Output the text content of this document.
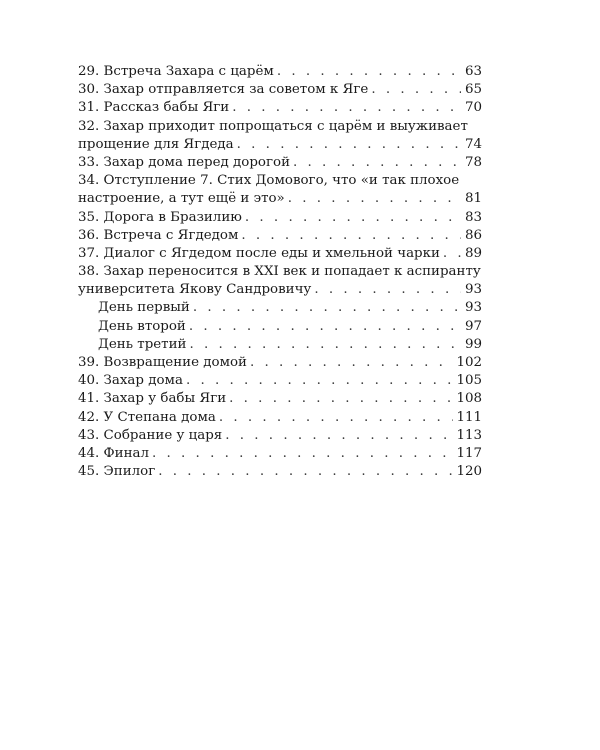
29. Встреча Захара с царём . . .	63
30. Захар отправляется за советом к Яге . . .	65
31. Рассказ бабы Яги . . .	70
32. Захар приходит попрощаться с царём и выуживает
прощение для Ягдеда . . .	74
33. Захар дома перед дорогой . . .	78
34. Отступление 7. Стих Домового, что «и так плохое
настроение, а тут ещё и это» . . .	81
35. Дорога в Бразилию . . .	83
36. Встреча с Ягдедом . . .	86
37. Диалог с Ягдедом после еды и хмельной чарки . . . 89
38. Захар переносится в XXI век и попадает к аспиранту
университета Якову Сандровичу . . .	93
День первый . . .	93
День второй . . .	97
День третий . . .	99
39. Возвращение домой . . .	102
40. Захар дома . . .	105
41. Захар у бабы Яги . . .	108
42. У Степана дома . . .	111
43. Собрание у царя . . .	113
44. Финал . . .	117
45. Эпилог . . .	120
